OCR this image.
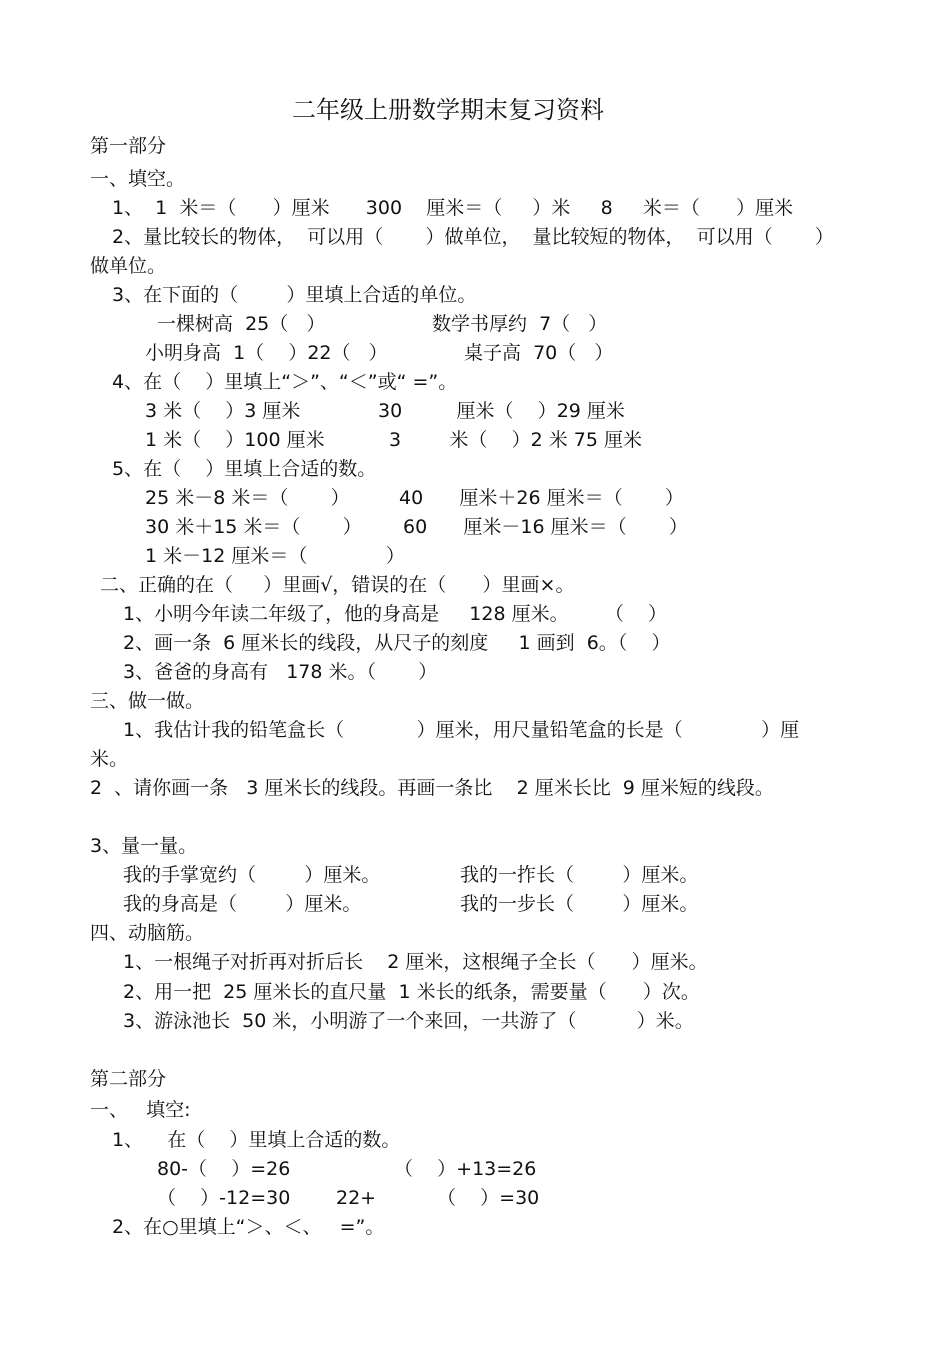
二年级上册数学期末复习资料
第一部分
一、填空。
1、  1  米＝（      ）厘米      300    厘米＝（     ）米     8     米＝（      ）厘米
2、量比较长的物体，  可以用（       ）做单位，  量比较短的物体，  可以用（       ）
做单位。
3、在下面的（        ）里填上合适的单位。
一棵树高  25（   ）	数学书厚约  7（   ）
小明身高  1（    ）22（   ）	桌子高  70（   ）
4、在（    ）里填上“＞”、“＜”或“ =”。
3 米（    ）3 厘米	30         厘米（    ）29 厘米
1 米（    ）100 厘米	3        米（    ）2 米 75 厘米
5、在（    ）里填上合适的数。
25 米－8 米＝（       ）	40      厘米＋26 厘米＝（       ）
30 米＋15 米＝（       ） 60      厘米－16 厘米＝（       ）
1 米－12 厘米＝（             ）
二、正确的在（     ）里画√，错误的在（      ）里画×。
1、小明今年读二年级了，他的身高是     128 厘米。      （    ）
2、画一条  6 厘米长的线段，从尺子的刻度     1 画到  6。（    ）
3、爸爸的身高有   178 米。（       ）
三、做一做。
1、我估计我的铅笔盒长（            ）厘米，用尺量铅笔盒的长是（             ）厘
米。
2  、请你画一条   3 厘米长的线段。再画一条比    2 厘米长比  9 厘米短的线段。
3、量一量。
我的手掌宽约（        ）厘米。	我的一拃长（        ）厘米。
我的身高是（        ）厘米。	我的一步长（        ）厘米。
四、动脑筋。
1、一根绳子对折再对折后长    2 厘米，这根绳子全长（      ）厘米。
2、用一把  25 厘米长的直尺量  1 米长的纸条，需要量（      ）次。
3、游泳池长  50 米，小明游了一个来回，一共游了（          ）米。
第二部分
一、   填空:
1、    在（    ）里填上合适的数。
80-（    ）=26	（    ）+13=26
（    ）-12=30 22+	（    ）=30
2、在○里填上“＞、＜、   =”。
